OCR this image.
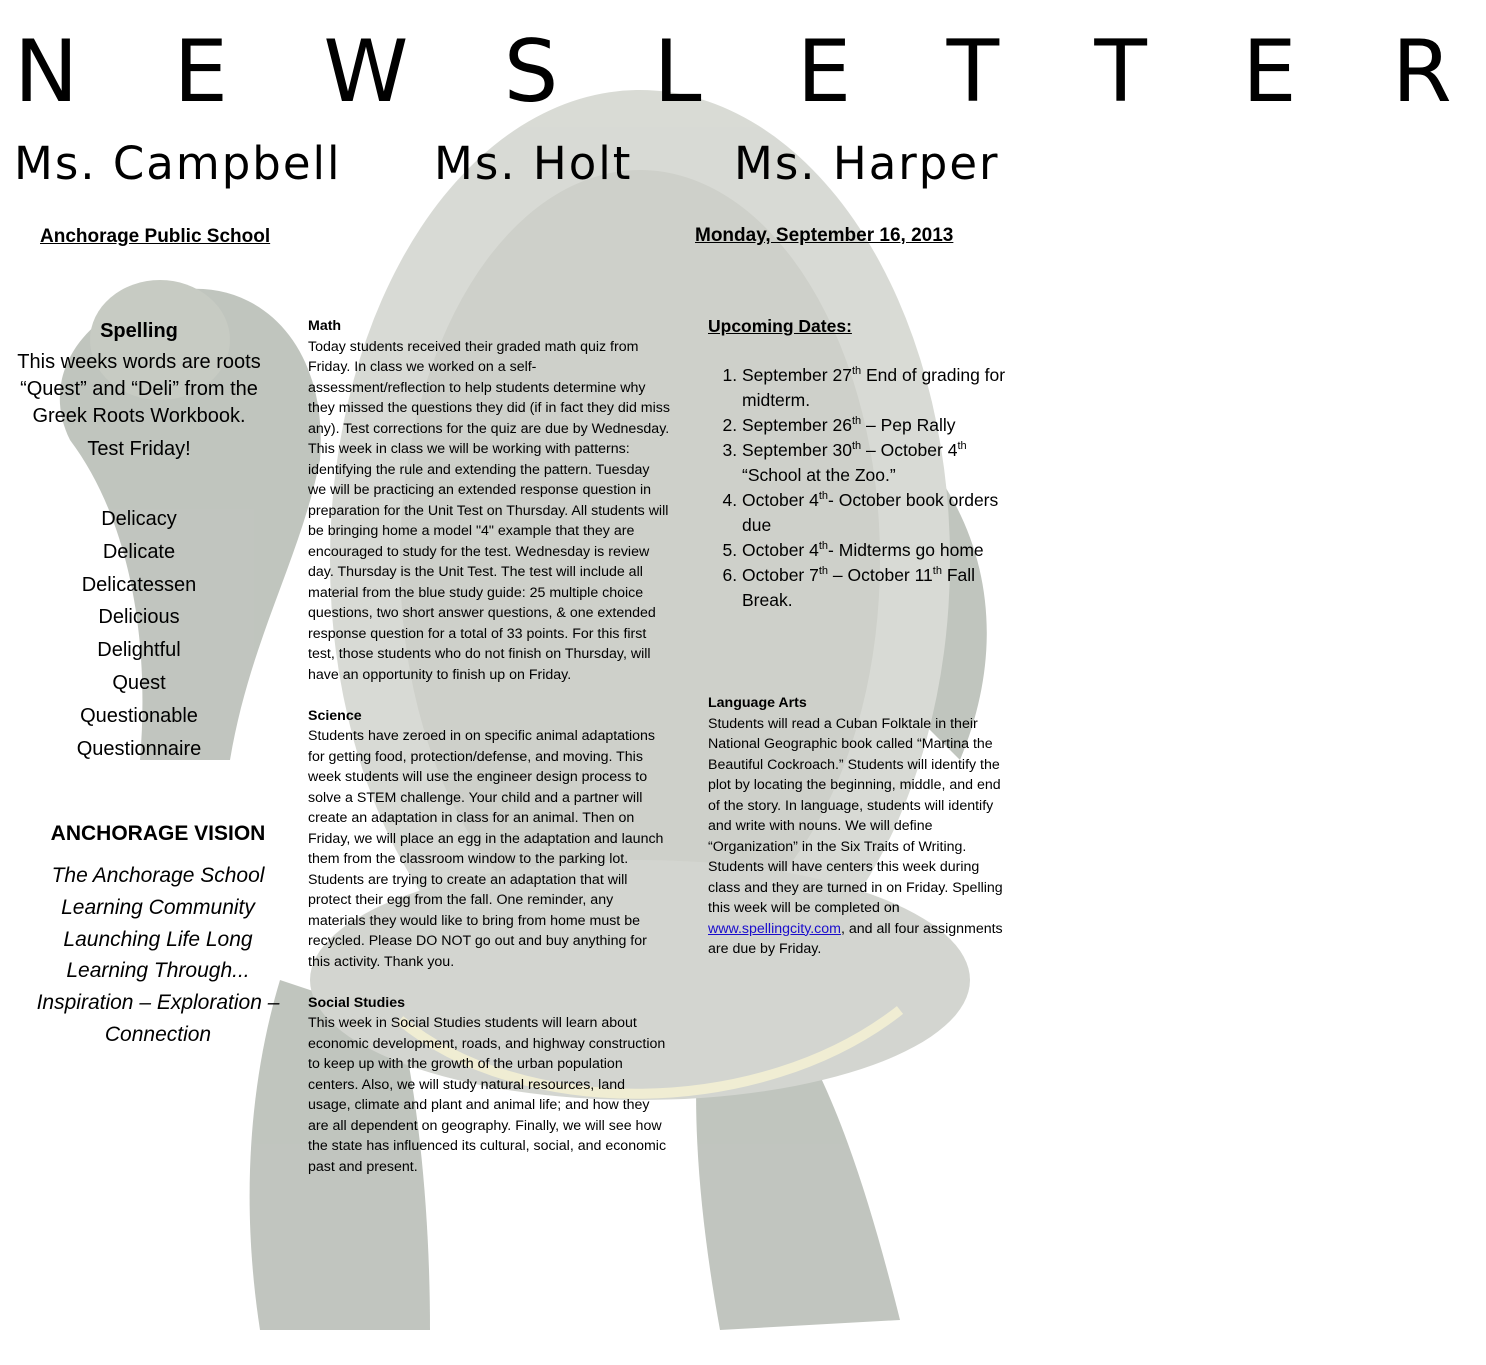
N E W S L E T T E R
Ms. Campbell Ms. Holt Ms. Harper
Anchorage Public School	Monday, September 16, 2013
Spelling
This weeks words are roots “Quest” and “Deli” from the Greek Roots Workbook.
Test Friday!
Delicacy
Delicate
Delicatessen
Delicious
Delightful
Quest
Questionable
Questionnaire
ANCHORAGE VISION
The Anchorage School Learning Community Launching Life Long Learning Through... Inspiration – Exploration – Connection
Math
Today students received their graded math quiz from Friday. In class we worked on a self-assessment/reflection to help students determine why they missed the questions they did (if in fact they did miss any). Test corrections for the quiz are due by Wednesday. This week in class we will be working with patterns: identifying the rule and extending the pattern. Tuesday we will be practicing an extended response question in preparation for the Unit Test on Thursday. All students will be bringing home a model "4" example that they are encouraged to study for the test. Wednesday is review day. Thursday is the Unit Test. The test will include all material from the blue study guide: 25 multiple choice questions, two short answer questions, & one extended response question for a total of 33 points. For this first test, those students who do not finish on Thursday, will have an opportunity to finish up on Friday.
Science
Students have zeroed in on specific animal adaptations for getting food, protection/defense, and moving. This week students will use the engineer design process to solve a STEM challenge. Your child and a partner will create an adaptation in class for an animal. Then on Friday, we will place an egg in the adaptation and launch them from the classroom window to the parking lot. Students are trying to create an adaptation that will protect their egg from the fall. One reminder, any materials they would like to bring from home must be recycled. Please DO NOT go out and buy anything for this activity. Thank you.
Social Studies
This week in Social Studies students will learn about economic development, roads, and highway construction to keep up with the growth of the urban population centers. Also, we will study natural resources, land usage, climate and plant and animal life; and how they are all dependent on geography. Finally, we will see how the state has influenced its cultural, social, and economic past and present.
Upcoming Dates:
1. September 27th End of grading for midterm.
2. September 26th – Pep Rally
3. September 30th – October 4th “School at the Zoo.”
4. October 4th- October book orders due
5. October 4th- Midterms go home
6. October 7th – October 11th Fall Break.
Language Arts
Students will read a Cuban Folktale in their National Geographic book called “Martina the Beautiful Cockroach.” Students will identify the plot by locating the beginning, middle, and end of the story. In language, students will identify and write with nouns. We will define “Organization” in the Six Traits of Writing. Students will have centers this week during class and they are turned in on Friday. Spelling this week will be completed on www.spellingcity.com, and all four assignments are due by Friday.
